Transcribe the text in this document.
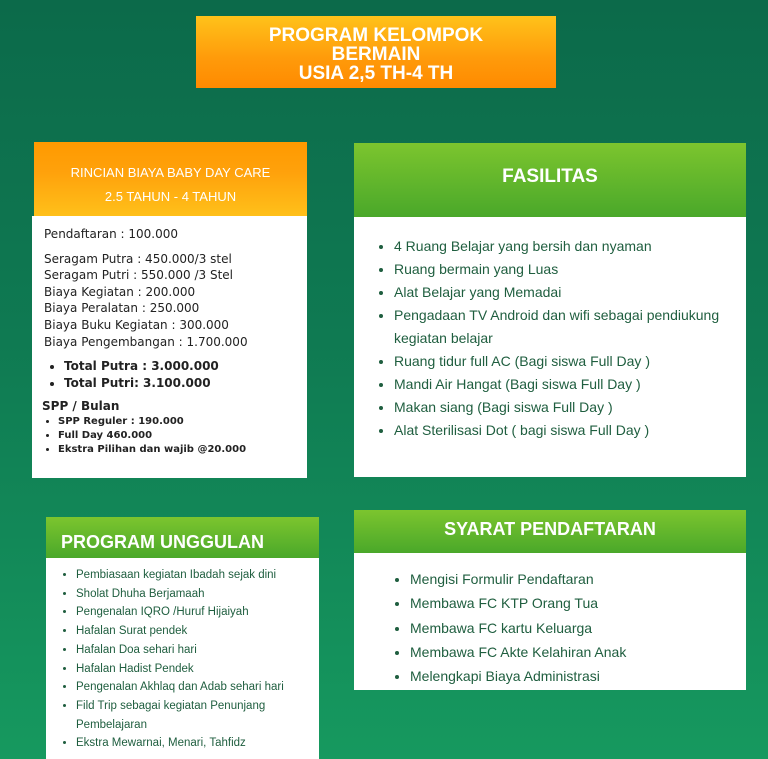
PROGRAM KELOMPOK
BERMAIN
USIA 2,5 TH-4 TH
RINCIAN BIAYA BABY DAY CARE
2.5 TAHUN - 4 TAHUN
Pendaftaran : 100.000
Seragam Putra : 450.000/3 stel
Seragam Putri : 550.000 /3 Stel
Biaya Kegiatan : 200.000
Biaya Peralatan : 250.000
Biaya Buku Kegiatan : 300.000
Biaya Pengembangan : 1.700.000
• Total Putra : 3.000.000
• Total Putri: 3.100.000
SPP / Bulan
• SPP Reguler : 190.000
• Full Day 460.000
• Ekstra Pilihan dan wajib @20.000
FASILITAS
• 4 Ruang Belajar yang bersih dan nyaman
• Ruang bermain yang Luas
• Alat Belajar yang Memadai
• Pengadaan TV Android dan wifi sebagai pendiukung kegiatan belajar
• Ruang tidur full AC (Bagi siswa Full Day )
• Mandi Air Hangat (Bagi siswa Full Day )
• Makan siang (Bagi siswa Full Day )
• Alat Sterilisasi Dot ( bagi siswa Full Day )
PROGRAM UNGGULAN
• Pembiasaan kegiatan Ibadah sejak dini
• Sholat Dhuha Berjamaah
• Pengenalan IQRO /Huruf Hijaiyah
• Hafalan Surat pendek
• Hafalan Doa sehari hari
• Hafalan Hadist Pendek
• Pengenalan Akhlaq dan Adab sehari hari
• Fild Trip sebagai kegiatan Penunjang Pembelajaran
• Ekstra Mewarnai, Menari, Tahfidz
SYARAT PENDAFTARAN
• Mengisi Formulir Pendaftaran
• Membawa FC KTP Orang Tua
• Membawa FC kartu Keluarga
• Membawa FC Akte Kelahiran Anak
• Melengkapi Biaya Administrasi
